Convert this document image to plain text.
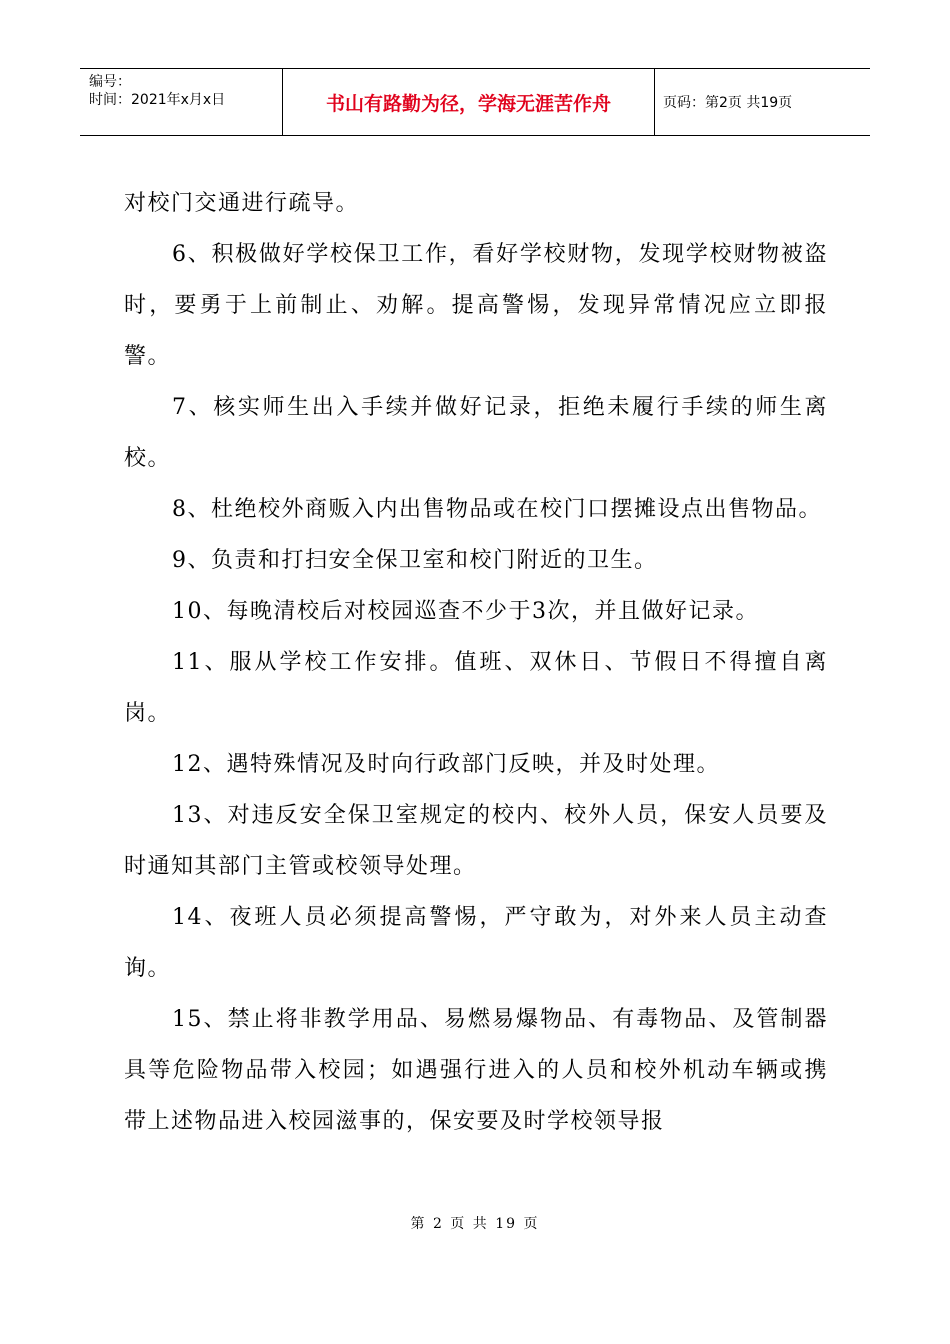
编号：
时间：2021年x月x日	书山有路勤为径，学海无涯苦作舟	页码：第2页 共19页

对校门交通进行疏导。

6、积极做好学校保卫工作，看好学校财物，发现学校财物被盗时，要勇于上前制止、劝解。提高警惕，发现异常情况应立即报警。

7、核实师生出入手续并做好记录，拒绝未履行手续的师生离校。

8、杜绝校外商贩入内出售物品或在校门口摆摊设点出售物品。

9、负责和打扫安全保卫室和校门附近的卫生。

10、每晚清校后对校园巡查不少于3次，并且做好记录。

11、服从学校工作安排。值班、双休日、节假日不得擅自离岗。

12、遇特殊情况及时向行政部门反映，并及时处理。

13、对违反安全保卫室规定的校内、校外人员，保安人员要及时通知其部门主管或校领导处理。

14、夜班人员必须提高警惕，严守敢为，对外来人员主动查询。

15、禁止将非教学用品、易燃易爆物品、有毒物品、及管制器具等危险物品带入校园；如遇强行进入的人员和校外机动车辆或携带上述物品进入校园滋事的，保安要及时学校领导报

第 2 页 共 19 页
